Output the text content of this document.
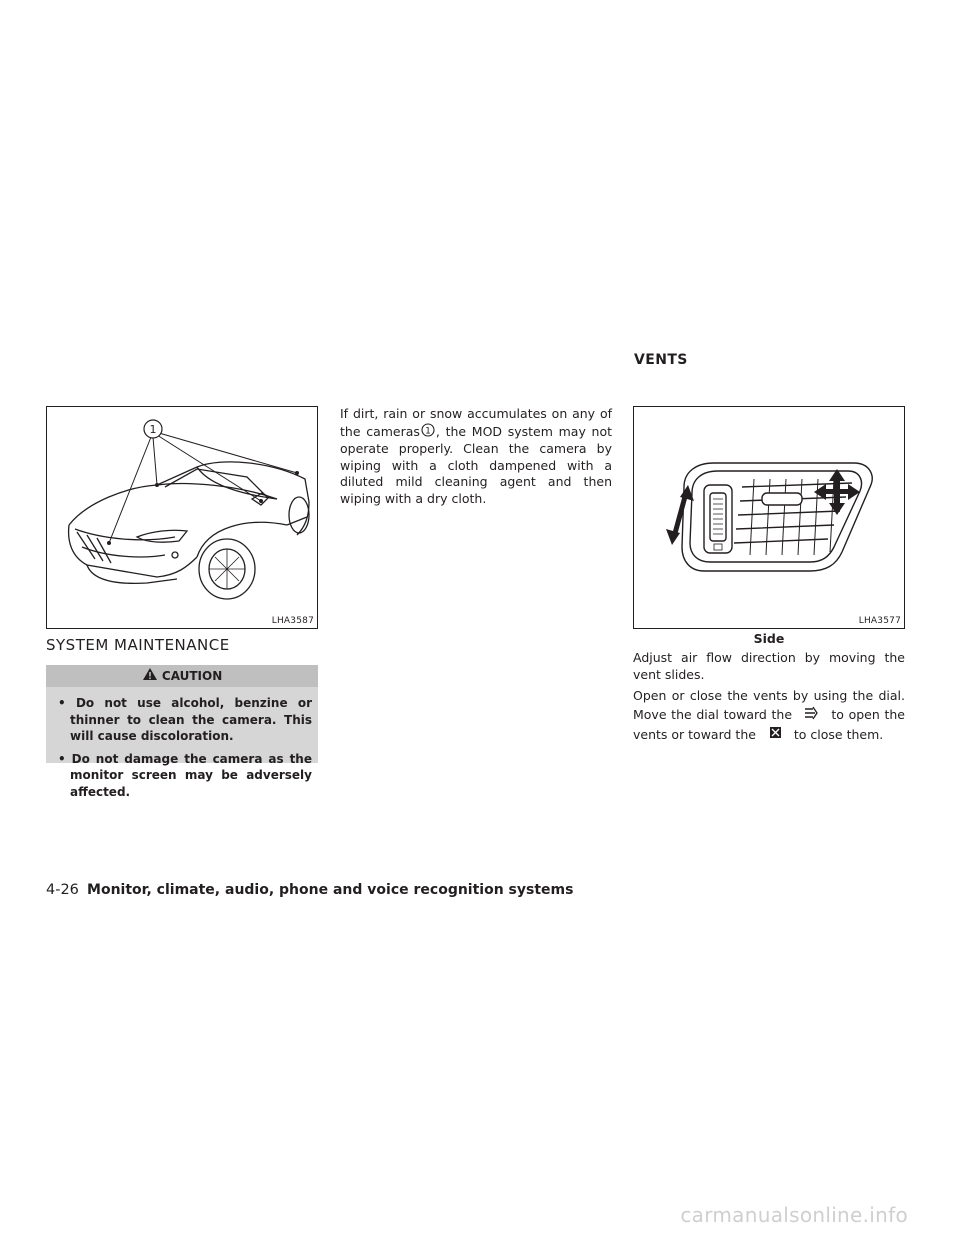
1
LHA3587
SYSTEM MAINTENANCE
CAUTION
• Do not use alcohol, benzine or thinner to clean the camera. This will cause discoloration.
• Do not damage the camera as the monitor screen may be adversely affected.
If dirt, rain or snow accumulates on any of the cameras 1 , the MOD system may not operate properly. Clean the camera by wiping with a cloth dampened with a diluted mild cleaning agent and then wiping with a dry cloth.
VENTS
LHA3577
Side
Adjust air flow direction by moving the vent slides.
Open or close the vents by using the dial. Move the dial toward the	to open the vents or toward the	to close them.
4-26 Monitor, climate, audio, phone and voice recognition systems
carmanualsonline.info
